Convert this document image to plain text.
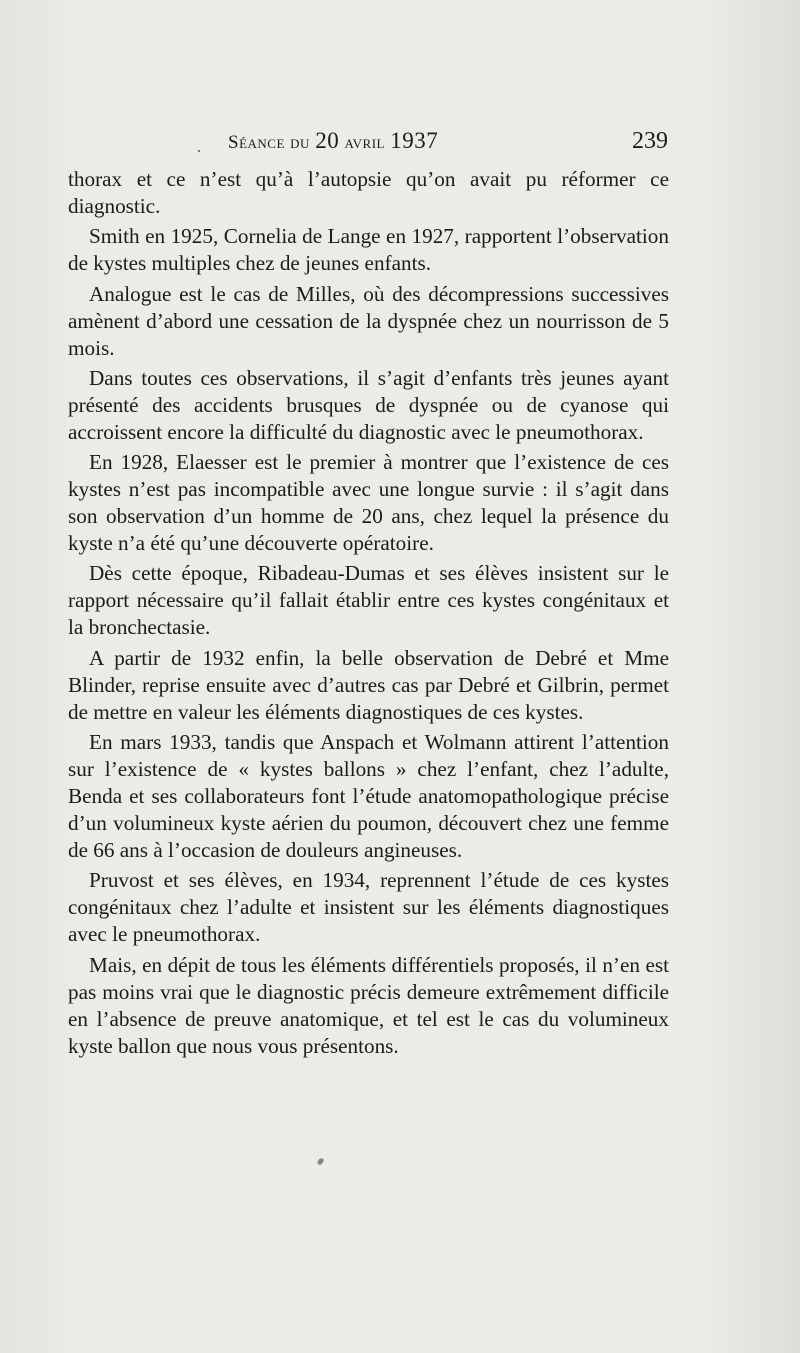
Séance du 20 avril 1937	239

thorax et ce n’est qu’à l’autopsie qu’on avait pu réformer ce diagnostic.

Smith en 1925, Cornelia de Lange en 1927, rapportent l’observation de kystes multiples chez de jeunes enfants.

Analogue est le cas de Milles, où des décompressions successives amènent d’abord une cessation de la dyspnée chez un nourrisson de 5 mois.

Dans toutes ces observations, il s’agit d’enfants très jeunes ayant présenté des accidents brusques de dyspnée ou de cyanose qui accroissent encore la difficulté du diagnostic avec le pneumothorax.

En 1928, Elaesser est le premier à montrer que l’existence de ces kystes n’est pas incompatible avec une longue survie : il s’agit dans son observation d’un homme de 20 ans, chez lequel la présence du kyste n’a été qu’une découverte opératoire.

Dès cette époque, Ribadeau-Dumas et ses élèves insistent sur le rapport nécessaire qu’il fallait établir entre ces kystes congénitaux et la bronchectasie.

A partir de 1932 enfin, la belle observation de Debré et Mme Blinder, reprise ensuite avec d’autres cas par Debré et Gilbrin, permet de mettre en valeur les éléments diagnostiques de ces kystes.

En mars 1933, tandis que Anspach et Wolmann attirent l’attention sur l’existence de « kystes ballons » chez l’enfant, chez l’adulte, Benda et ses collaborateurs font l’étude anatomopathologique précise d’un volumineux kyste aérien du poumon, découvert chez une femme de 66 ans à l’occasion de douleurs angineuses.

Pruvost et ses élèves, en 1934, reprennent l’étude de ces kystes congénitaux chez l’adulte et insistent sur les éléments diagnostiques avec le pneumothorax.

Mais, en dépit de tous les éléments différentiels proposés, il n’en est pas moins vrai que le diagnostic précis demeure extrêmement difficile en l’absence de preuve anatomique, et tel est le cas du volumineux kyste ballon que nous vous présentons.
